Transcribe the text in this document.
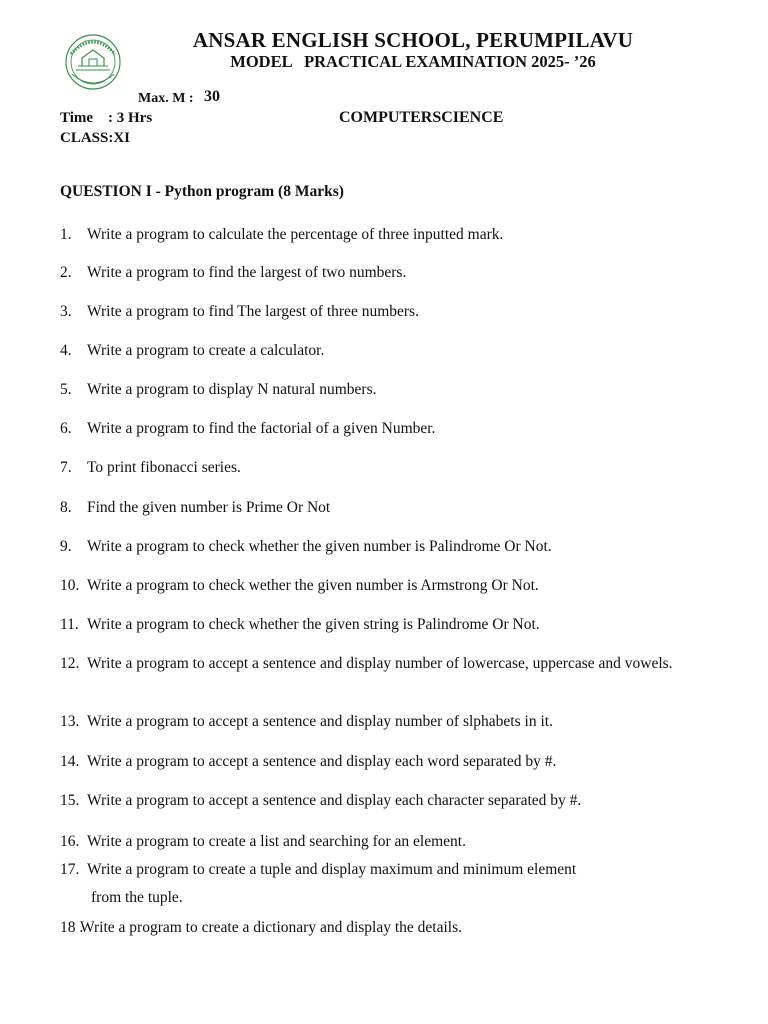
ANSAR ENGLISH SCHOOL, PERUMPILAVU
MODEL   PRACTICAL EXAMINATION 2025- ’26
Max. M : 30
Time    : 3 Hrs	COMPUTERSCIENCE
CLASS:XI
QUESTION I - Python program (8 Marks)
1. Write a program to calculate the percentage of three inputted mark.
2. Write a program to find the largest of two numbers.
3. Write a program to find The largest of three numbers.
4. Write a program to create a calculator.
5. Write a program to display N natural numbers.
6. Write a program to find the factorial of a given Number.
7. To print fibonacci series.
8. Find the given number is Prime Or Not
9. Write a program to check whether the given number is Palindrome Or Not.
10. Write a program to check wether the given number is Armstrong Or Not.
11. Write a program to check whether the given string is Palindrome Or Not.
12. Write a program to accept a sentence and display number of lowercase, uppercase and vowels.
13. Write a program to accept a sentence and display number of slphabets in it.
14. Write a program to accept a sentence and display each word separated by #.
15. Write a program to accept a sentence and display each character separated by #.
16. Write a program to create a list and searching for an element.
17. Write a program to create a tuple and display maximum and minimum element
from the tuple.
18 .
Write a program to create a dictionary and display the details.
